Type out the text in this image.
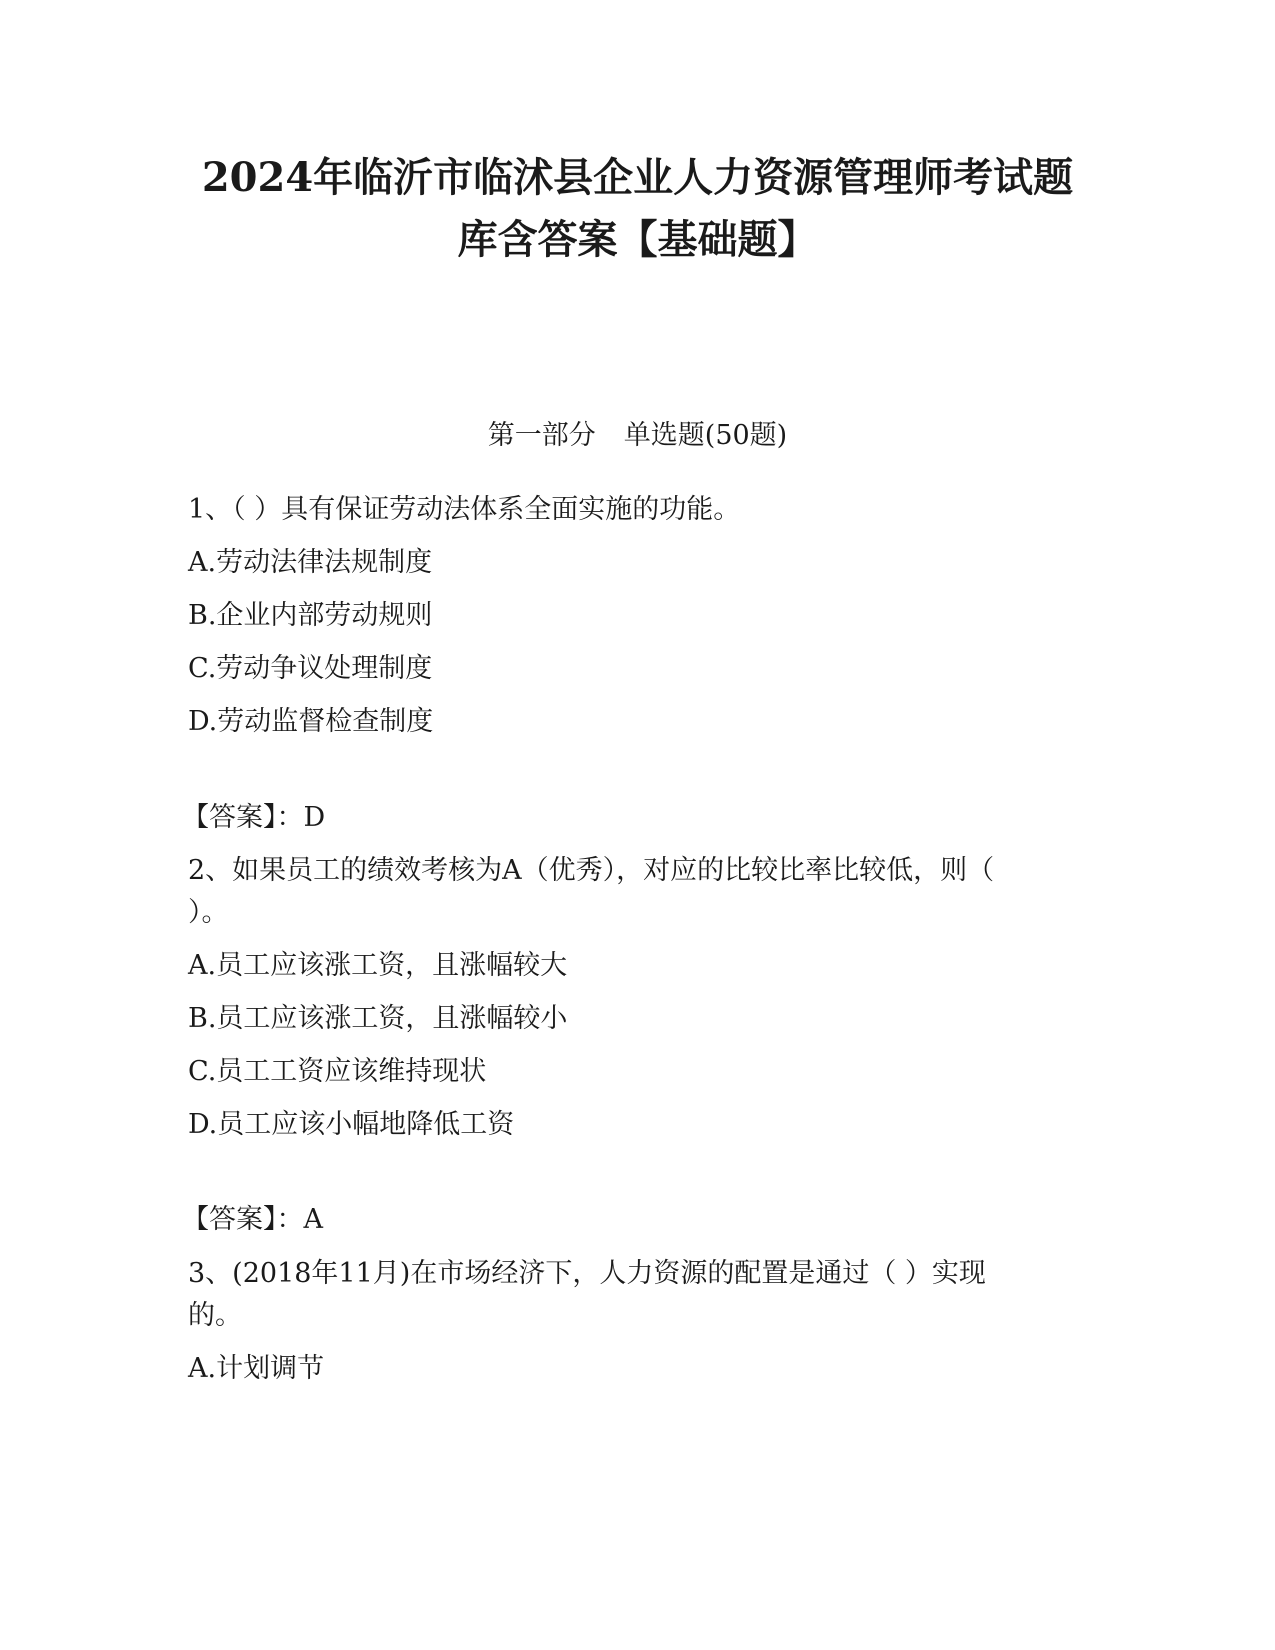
2024年临沂市临沭县企业人力资源管理师考试题
库含答案【基础题】
第一部分 单选题(50题)
1、（ ）具有保证劳动法体系全面实施的功能。
A.劳动法律法规制度
B.企业内部劳动规则
C.劳动争议处理制度
D.劳动监督检查制度
【答案】：D
2、如果员工的绩效考核为A（优秀），对应的比较比率比较低，则（
）。
A.员工应该涨工资，且涨幅较大
B.员工应该涨工资，且涨幅较小
C.员工工资应该维持现状
D.员工应该小幅地降低工资
【答案】：A
3、(2018年11月)在市场经济下，人力资源的配置是通过（ ）实现
的。
A.计划调节
